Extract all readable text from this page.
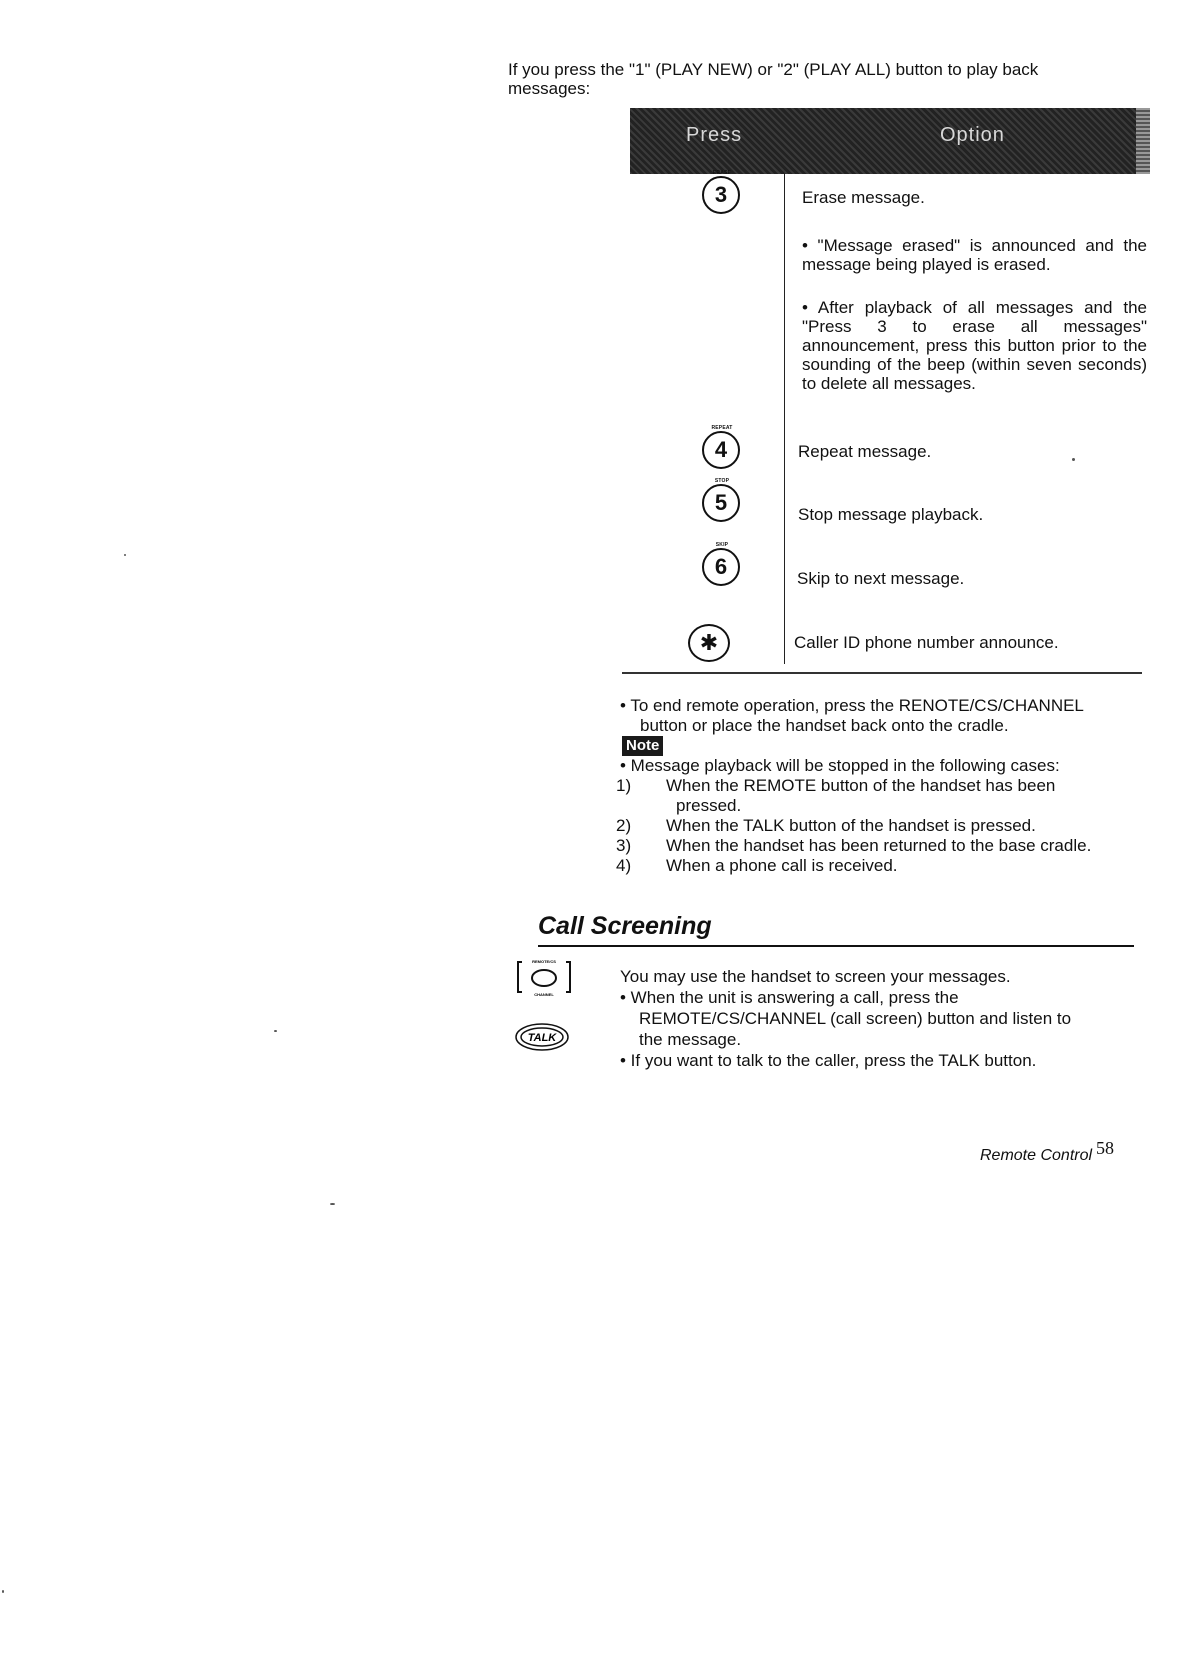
If you press the "1" (PLAY NEW) or "2" (PLAY ALL) button to play back
messages:
Press	Option
ERASE
3	Erase message.
• "Message erased" is announced and the message being played is erased.
• After playback of all messages and the "Press 3 to erase all messages" announcement, press this button prior to the sounding of the beep (within seven seconds) to delete all messages.
REPEAT
4	Repeat message.
STOP
5	Stop message playback.
SKIP
6	Skip to next message.
✱	Caller ID phone number announce.
• To end remote operation, press the RENOTE/CS/CHANNEL
button or place the handset back onto the cradle.
Note
• Message playback will be stopped in the following cases:
1) When the REMOTE button of the handset has been
pressed.
2) When the TALK button of the handset is pressed.
3) When the handset has been returned to the base cradle.
4) When a phone call is received.
Call Screening
REMOTE/CS
CHANNEL
TALK
You may use the handset to screen your messages.
• When the unit is answering a call, press the
REMOTE/CS/CHANNEL (call screen) button and listen to
the message.
• If you want to talk to the caller, press the TALK button.
Remote Control 58
